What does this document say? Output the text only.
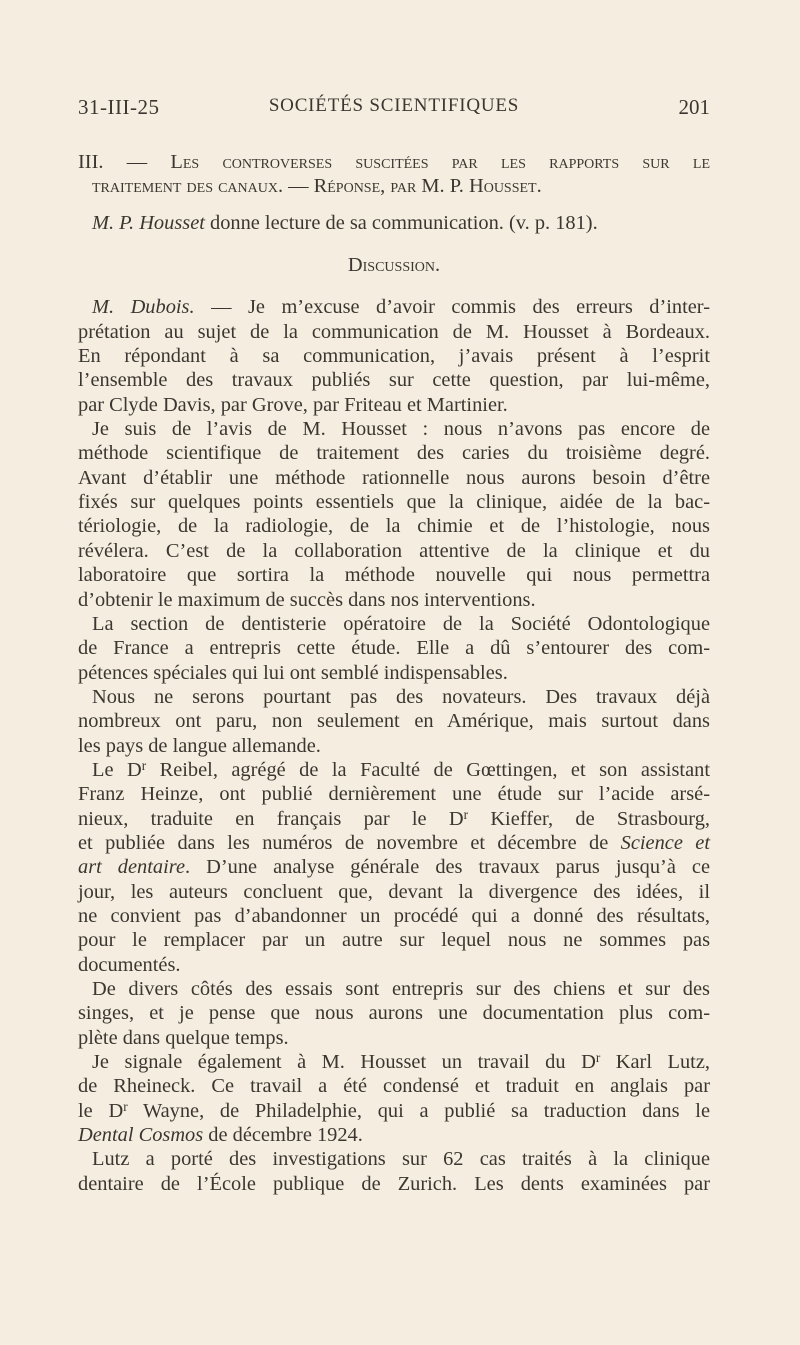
31-III-25	SOCIÉTÉS SCIENTIFIQUES	201
III. — Les controverses suscitées par les rapports sur le
traitement des canaux. — Réponse, par M. P. Housset.
M. P. Housset donne lecture de sa communication. (v. p. 181).
Discussion.
M. Dubois. — Je m’excuse d’avoir commis des erreurs d’inter-
prétation au sujet de la communication de M. Housset à Bordeaux.
En répondant à sa communication, j’avais présent à l’esprit
l’ensemble des travaux publiés sur cette question, par lui-même,
par Clyde Davis, par Grove, par Friteau et Martinier.
Je suis de l’avis de M. Housset : nous n’avons pas encore de
méthode scientifique de traitement des caries du troisième degré.
Avant d’établir une méthode rationnelle nous aurons besoin d’être
fixés sur quelques points essentiels que la clinique, aidée de la bac-
tériologie, de la radiologie, de la chimie et de l’histologie, nous
révélera. C’est de la collaboration attentive de la clinique et du
laboratoire que sortira la méthode nouvelle qui nous permettra
d’obtenir le maximum de succès dans nos interventions.
La section de dentisterie opératoire de la Société Odontologique
de France a entrepris cette étude. Elle a dû s’entourer des com-
pétences spéciales qui lui ont semblé indispensables.
Nous ne serons pourtant pas des novateurs. Des travaux déjà
nombreux ont paru, non seulement en Amérique, mais surtout dans
les pays de langue allemande.
Le $D^r$ Reibel, agrégé de la Faculté de Gœttingen, et son assistant
Franz Heinze, ont publié dernièrement une étude sur l’acide arsé-
nieux, traduite en français par le $D^r$ Kieffer, de Strasbourg,
et publiée dans les numéros de novembre et décembre de Science et
art dentaire. D’une analyse générale des travaux parus jusqu’à ce
jour, les auteurs concluent que, devant la divergence des idées, il
ne convient pas d’abandonner un procédé qui a donné des résultats,
pour le remplacer par un autre sur lequel nous ne sommes pas
documentés.
De divers côtés des essais sont entrepris sur des chiens et sur des
singes, et je pense que nous aurons une documentation plus com-
plète dans quelque temps.
Je signale également à M. Housset un travail du $D^r$ Karl Lutz,
de Rheineck. Ce travail a été condensé et traduit en anglais par
le $D^r$ Wayne, de Philadelphie, qui a publié sa traduction dans le
Dental Cosmos de décembre 1924.
Lutz a porté des investigations sur 62 cas traités à la clinique
dentaire de l’École publique de Zurich. Les dents examinées par
